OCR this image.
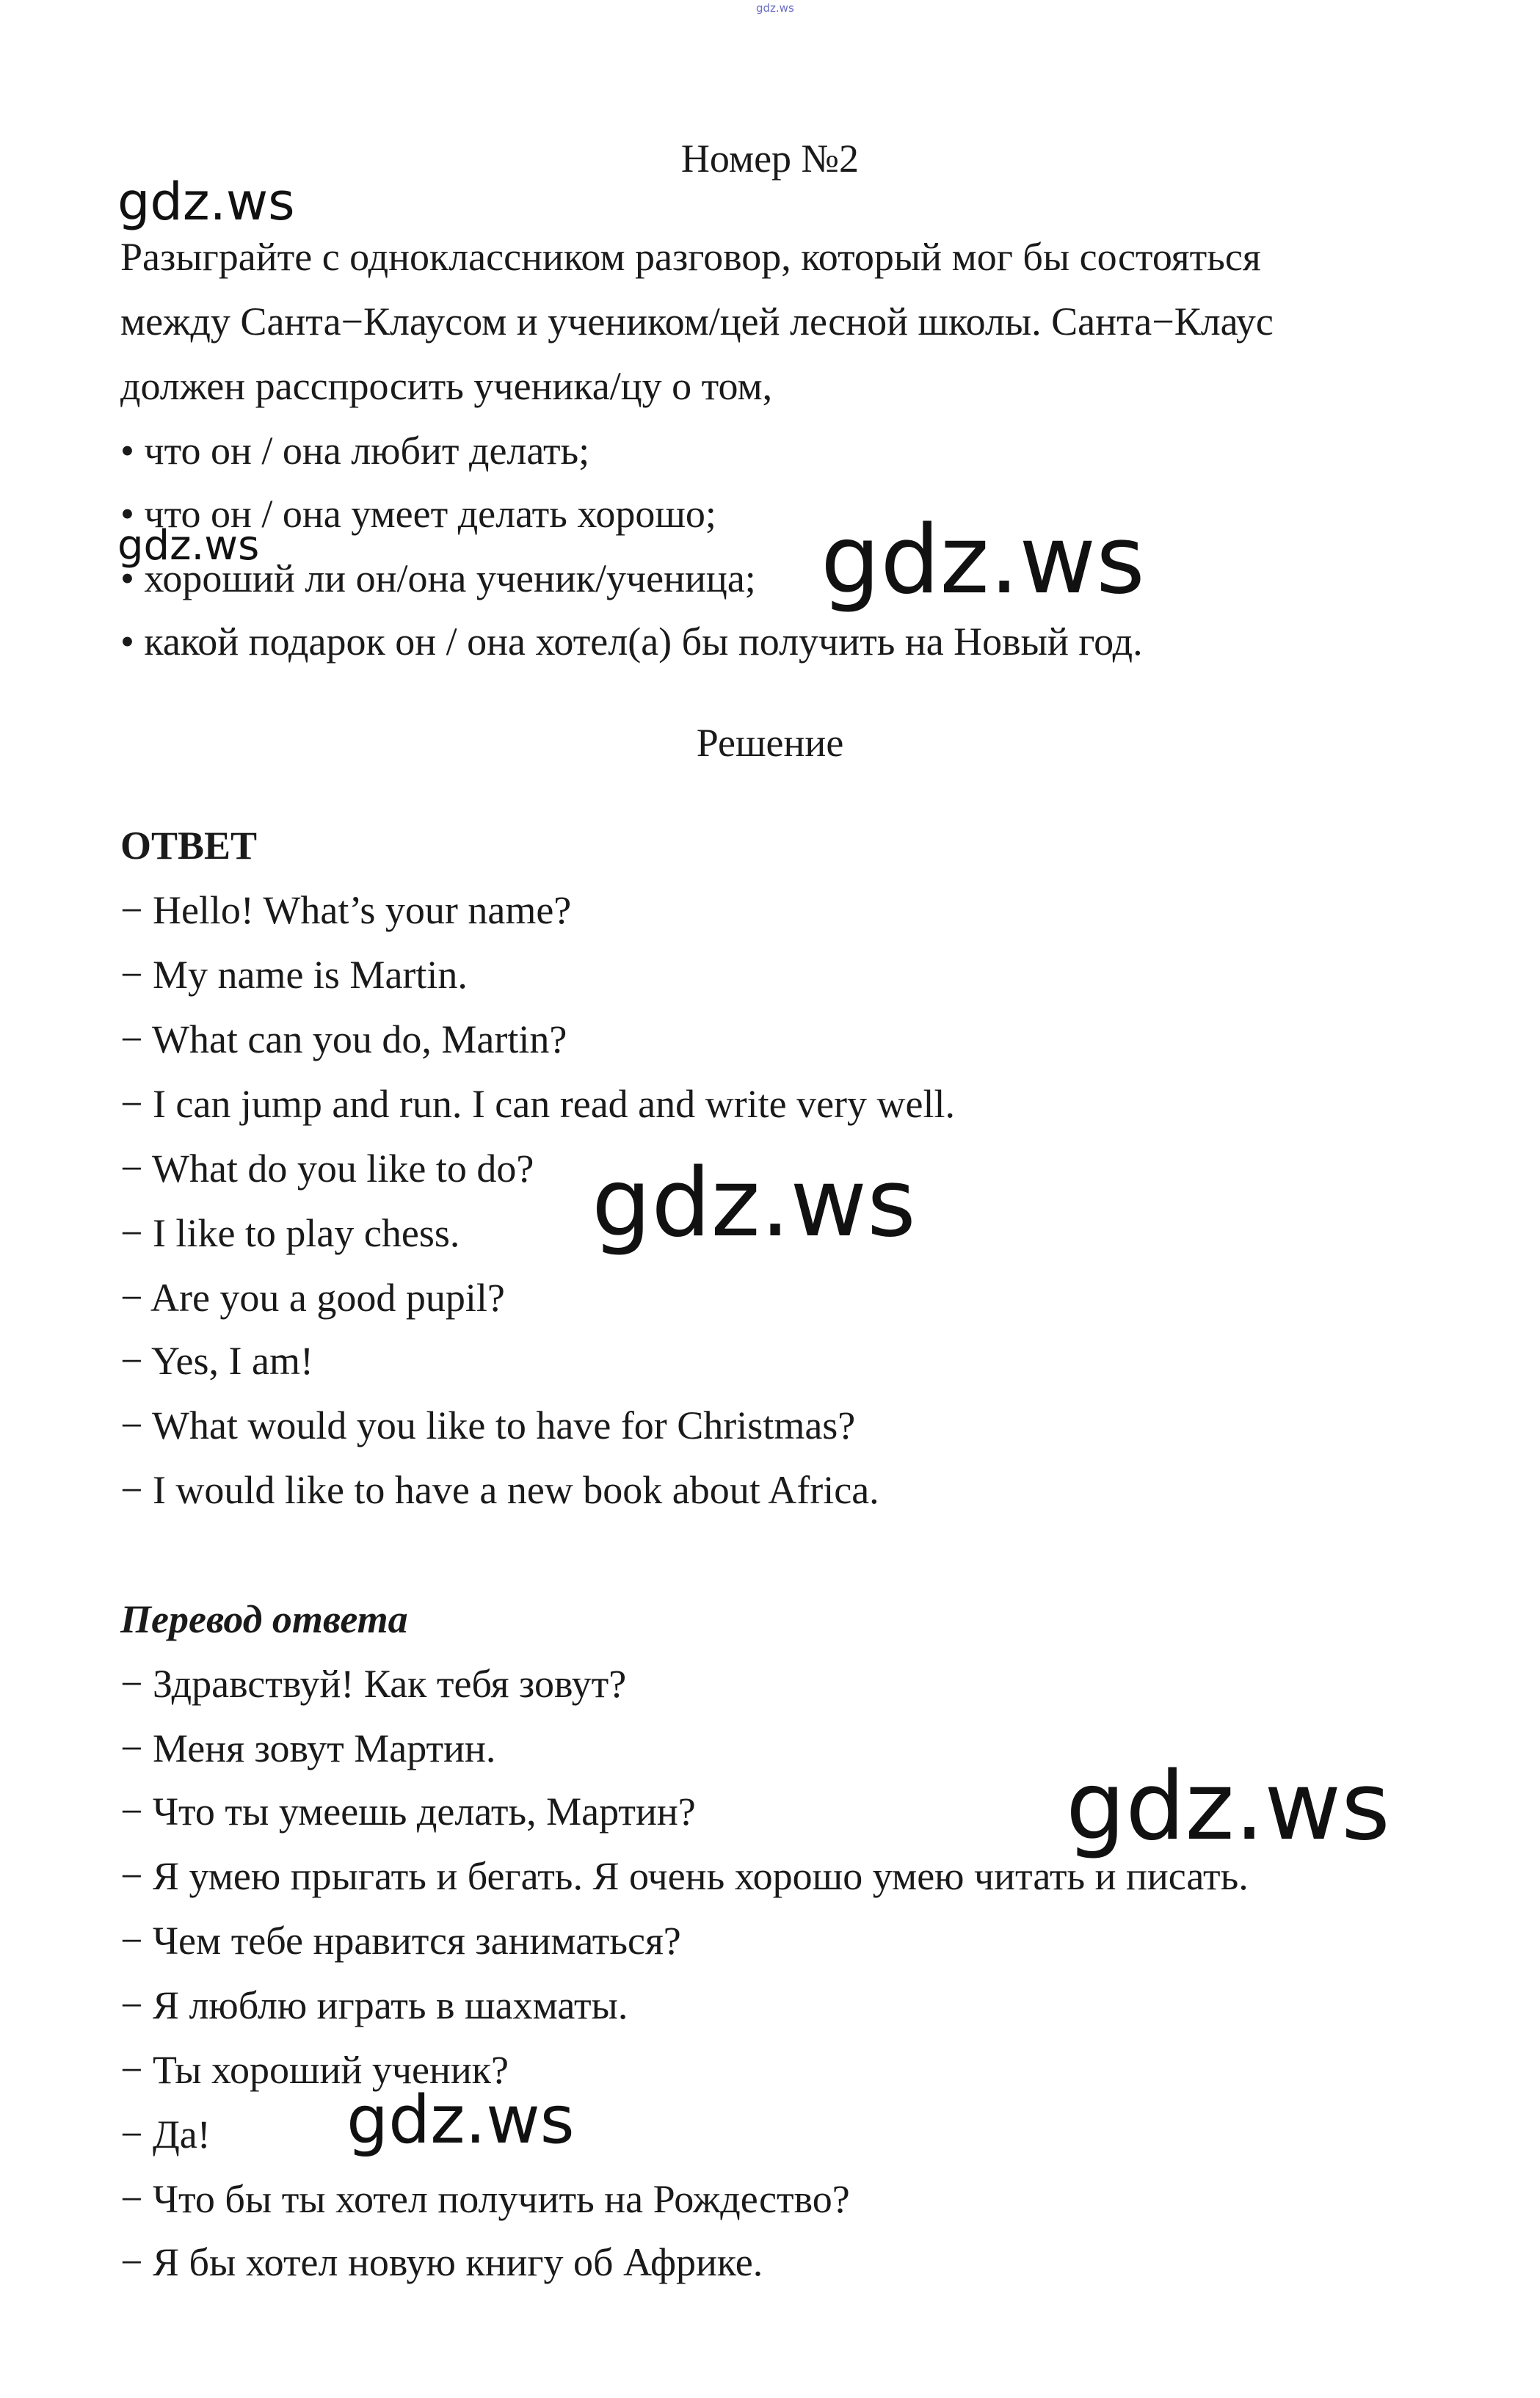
gdz.ws
Номер №2
Разыграйте с одноклассником разговор, который мог бы состояться
между Санта−Клаусом и учеником/цей лесной школы. Санта−Клаус
должен расспросить ученика/цу о том,
• что он / она любит делать;
• что он / она умеет делать хорошо;
• хороший ли он/она ученик/ученица;
• какой подарок он / она хотел(а) бы получить на Новый год.
Решение
ОТВЕТ
− Hello! What’s your name?
− My name is Martin.
− What can you do, Martin?
− I can jump and run. I can read and write very well.
− What do you like to do?
− I like to play chess.
− Are you a good pupil?
− Yes, I am!
− What would you like to have for Christmas?
− I would like to have a new book about Africa.
Перевод ответа
− Здравствуй! Как тебя зовут?
− Меня зовут Мартин.
− Что ты умеешь делать, Мартин?
− Я умею прыгать и бегать. Я очень хорошо умею читать и писать.
− Чем тебе нравится заниматься?
− Я люблю играть в шахматы.
− Ты хороший ученик?
− Да!
− Что бы ты хотел получить на Рождество?
− Я бы хотел новую книгу об Африке.
gdz.ws
gdz.ws	gdz.ws
gdz.ws
gdz.ws
gdz.ws
